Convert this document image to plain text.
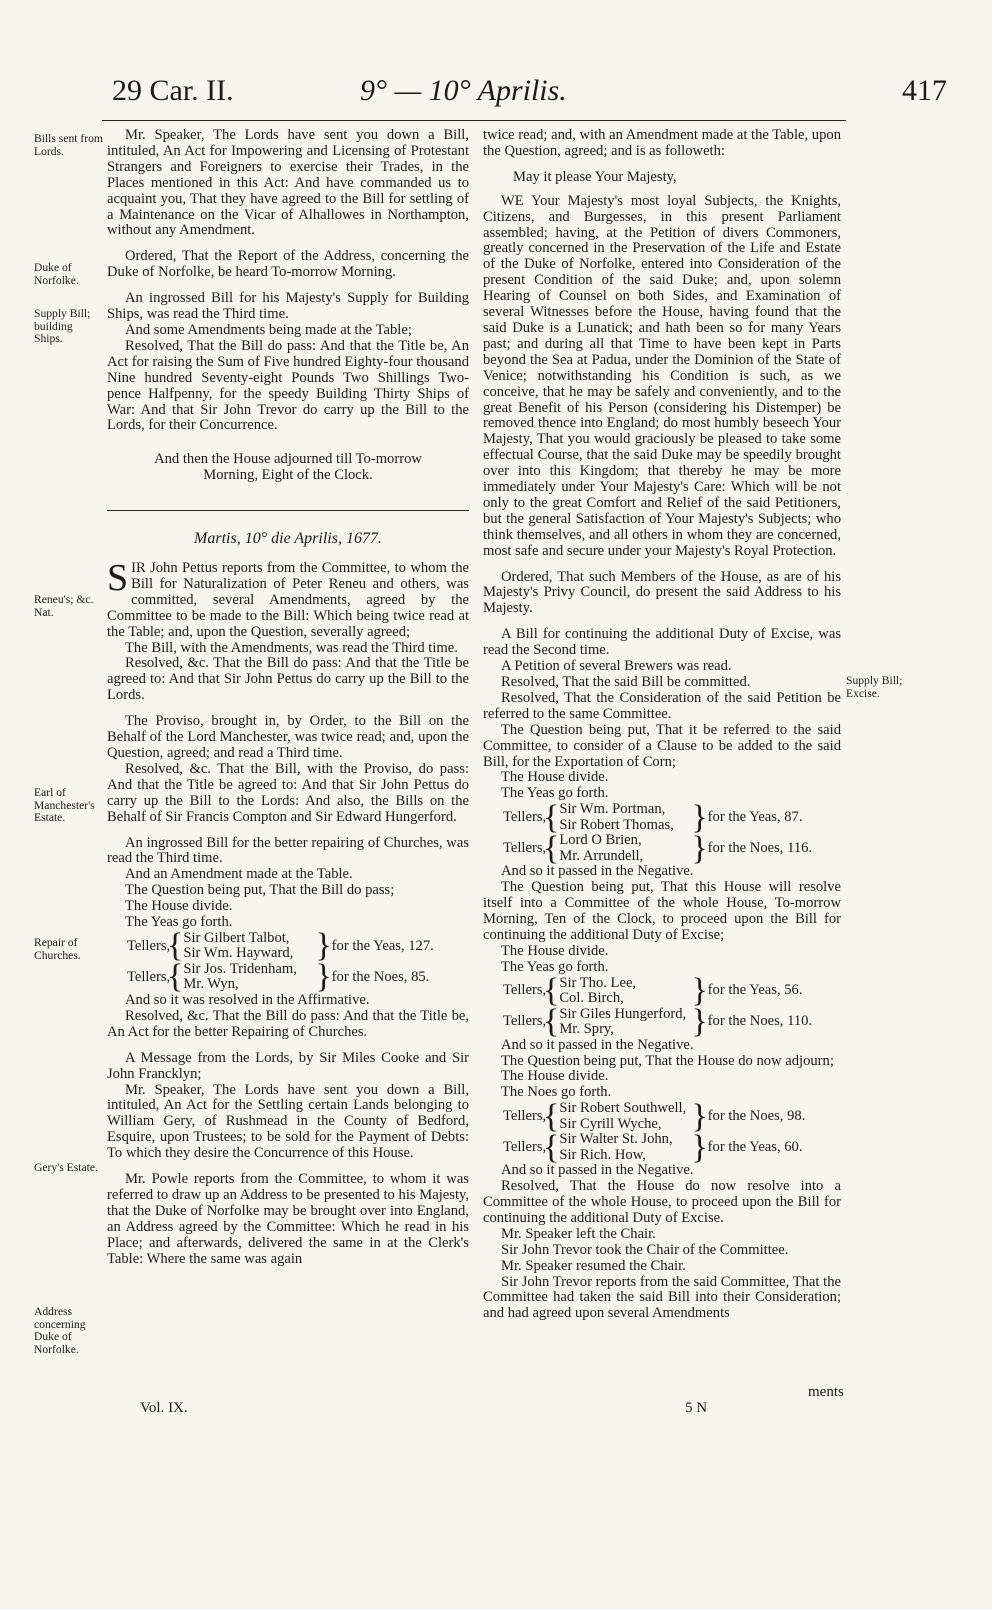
29 Car. II.	9° — 10° Aprilis.	417
Bills sent from Lords.
Duke of Norfolke.
Supply Bill; building Ships.
Reneu's; &c. Nat.
Earl of Manchester's Estate.
Repair of Churches.
Gery's Estate.
Address concerning Duke of Norfolke.
Supply Bill; Excise.

Mr. Speaker, The Lords have sent you down a Bill, intituled, An Act for Impowering and Licensing of Protestant Strangers and Foreigners to exercise their Trades, in the Places mentioned in this Act: And have commanded us to acquaint you, That they have agreed to the Bill for settling of a Maintenance on the Vicar of Alhallowes in Northampton, without any Amendment.

Ordered, That the Report of the Address, concerning the Duke of Norfolke, be heard To-morrow Morning.

An ingrossed Bill for his Majesty's Supply for Building Ships, was read the Third time.

And some Amendments being made at the Table;

Resolved, That the Bill do pass: And that the Title be, An Act for raising the Sum of Five hundred Eighty-four thousand Nine hundred Seventy-eight Pounds Two Shillings Two-pence Halfpenny, for the speedy Building Thirty Ships of War: And that Sir John Trevor do carry up the Bill to the Lords, for their Concurrence.

And then the House adjourned till To-morrow Morning, Eight of the Clock.

Martis, 10° die Aprilis, 1677.

SIR John Pettus reports from the Committee, to whom the Bill for Naturalization of Peter Reneu and others, was committed, several Amendments, agreed by the Committee to be made to the Bill: Which being twice read at the Table; and, upon the Question, severally agreed;

The Bill, with the Amendments, was read the Third time.

Resolved, &c. That the Bill do pass: And that the Title be agreed to: And that Sir John Pettus do carry up the Bill to the Lords.

The Proviso, brought in, by Order, to the Bill on the Behalf of the Lord Manchester, was twice read; and, upon the Question, agreed; and read a Third time.

Resolved, &c. That the Bill, with the Proviso, do pass: And that the Title be agreed to: And that Sir John Pettus do carry up the Bill to the Lords: And also, the Bills on the Behalf of Sir Francis Compton and Sir Edward Hungerford.

An ingrossed Bill for the better repairing of Churches, was read the Third time.

And an Amendment made at the Table.

The Question being put, That the Bill do pass;

The House divide.

The Yeas go forth.

Tellers,
{ Sir Gilbert Talbot,
Sir Wm. Hayward, } for the Yeas, 127.
Tellers,
{ Sir Jos. Tridenham,
Mr. Wyn,	} for the Noes, 85.

And so it was resolved in the Affirmative.

Resolved, &c. That the Bill do pass: And that the Title be, An Act for the better Repairing of Churches.

A Message from the Lords, by Sir Miles Cooke and Sir John Francklyn;

Mr. Speaker, The Lords have sent you down a Bill, intituled, An Act for the Settling certain Lands belonging to William Gery, of Rushmead in the County of Bedford, Esquire, upon Trustees; to be sold for the Payment of Debts: To which they desire the Concurrence of this House.

Mr. Powle reports from the Committee, to whom it was referred to draw up an Address to be presented to his Majesty, that the Duke of Norfolke may be brought over into England, an Address agreed by the Committee: Which he read in his Place; and afterwards, delivered the same in at the Clerk's Table: Where the same was again

twice read; and, with an Amendment made at the Table, upon the Question, agreed; and is as followeth:

May it please Your Majesty,

WE Your Majesty's most loyal Subjects, the Knights, Citizens, and Burgesses, in this present Parliament assembled; having, at the Petition of divers Commoners, greatly concerned in the Preservation of the Life and Estate of the Duke of Norfolke, entered into Consideration of the present Condition of the said Duke; and, upon solemn Hearing of Counsel on both Sides, and Examination of several Witnesses before the House, having found that the said Duke is a Lunatick; and hath been so for many Years past; and during all that Time to have been kept in Parts beyond the Sea at Padua, under the Dominion of the State of Venice; notwithstanding his Condition is such, as we conceive, that he may be safely and conveniently, and to the great Benefit of his Person (considering his Distemper) be removed thence into England; do most humbly beseech Your Majesty, That you would graciously be pleased to take some effectual Course, that the said Duke may be speedily brought over into this Kingdom; that thereby he may be more immediately under Your Majesty's Care: Which will be not only to the great Comfort and Relief of the said Petitioners, but the general Satisfaction of Your Majesty's Subjects; who think themselves, and all others in whom they are concerned, most safe and secure under your Majesty's Royal Protection.

Ordered, That such Members of the House, as are of his Majesty's Privy Council, do present the said Address to his Majesty.

A Bill for continuing the additional Duty of Excise, was read the Second time.

A Petition of several Brewers was read.

Resolved, That the said Bill be committed.

Resolved, That the Consideration of the said Petition be referred to the same Committee.

The Question being put, That it be referred to the said Committee, to consider of a Clause to be added to the said Bill, for the Exportation of Corn;

The House divide.

The Yeas go forth.

Tellers,
{ Sir Wm. Portman,
Sir Robert Thomas, } for the Yeas, 87.
Tellers,
{ Lord O Brien,
Mr. Arrundell,	} for the Noes, 116.

And so it passed in the Negative.

The Question being put, That this House will resolve itself into a Committee of the whole House, To-morrow Morning, Ten of the Clock, to proceed upon the Bill for continuing the additional Duty of Excise;

The House divide.

The Yeas go forth.

Tellers,
{ Sir Tho. Lee,
Col. Birch,	} for the Yeas, 56.
Tellers,
{ Sir Giles Hungerford,
Mr. Spry,	} for the Noes, 110.

And so it passed in the Negative.

The Question being put, That the House do now adjourn;

The House divide.

The Noes go forth.

Tellers,
{ Sir Robert Southwell,
Sir Cyrill Wyche, } for the Noes, 98.
Tellers,
{ Sir Walter St. John,
Sir Rich. How,	} for the Yeas, 60.

And so it passed in the Negative.

Resolved, That the House do now resolve into a Committee of the whole House, to proceed upon the Bill for continuing the additional Duty of Excise.

Mr. Speaker left the Chair.

Sir John Trevor took the Chair of the Committee.

Mr. Speaker resumed the Chair.

Sir John Trevor reports from the said Committee, That the Committee had taken the said Bill into their Consideration; and had agreed upon several Amendments

Vol. IX.	5 N
ments
